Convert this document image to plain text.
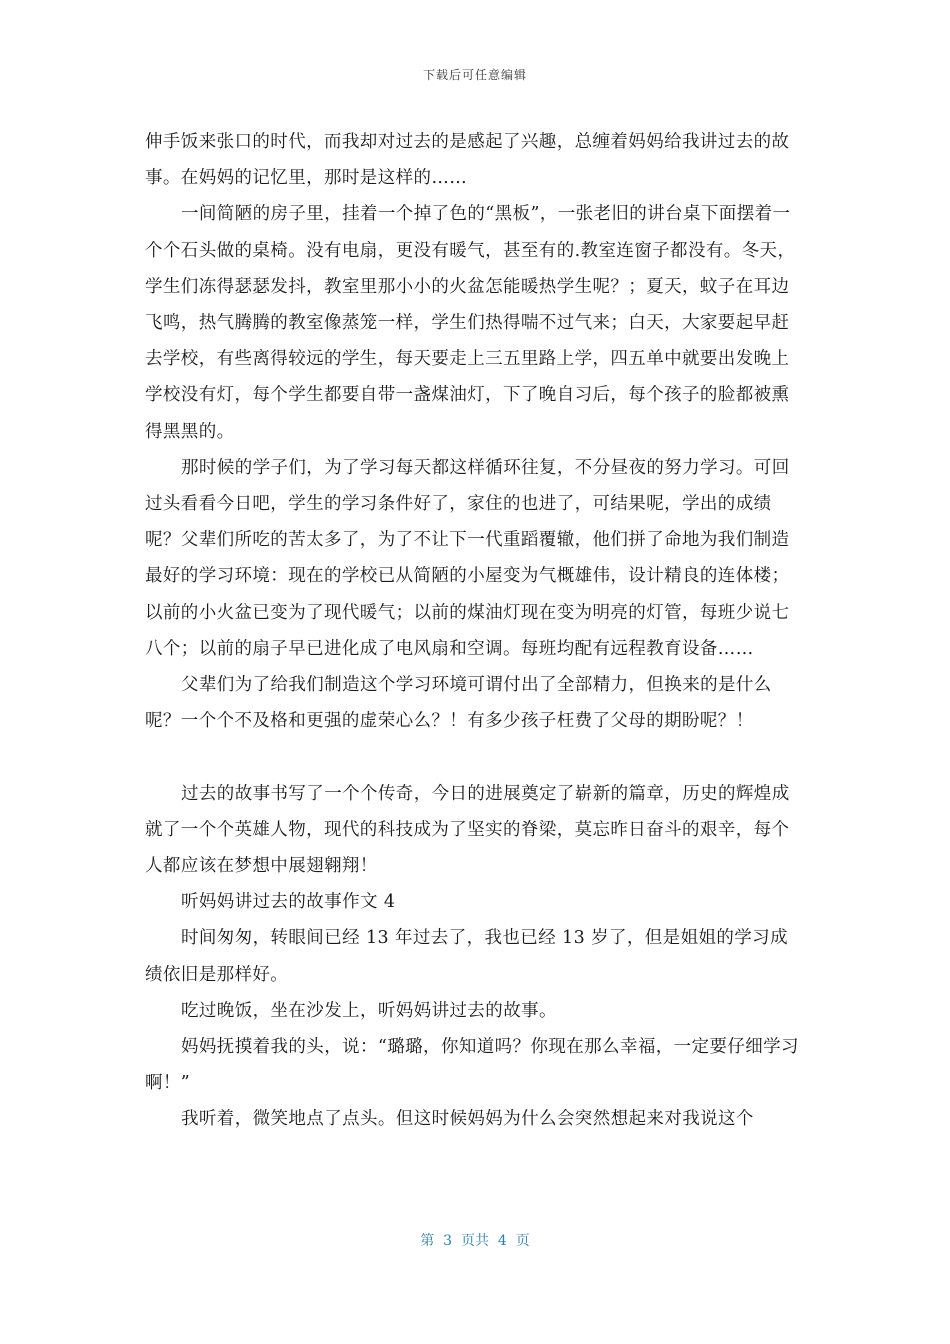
下载后可任意编辑

伸手饭来张口的时代，而我却对过去的是感起了兴趣，总缠着妈妈给我讲过去的故事。在妈妈的记忆里，那时是这样的……

一间简陋的房子里，挂着一个掉了色的“黑板”，一张老旧的讲台桌下面摆着一个个石头做的桌椅。没有电扇，更没有暖气，甚至有的.教室连窗子都没有。冬天，学生们冻得瑟瑟发抖，教室里那小小的火盆怎能暖热学生呢？；夏天，蚊子在耳边飞鸣，热气腾腾的教室像蒸笼一样，学生们热得喘不过气来；白天，大家要起早赶去学校，有些离得较远的学生，每天要走上三五里路上学，四五单中就要出发晚上学校没有灯，每个学生都要自带一盏煤油灯，下了晚自习后，每个孩子的脸都被熏得黑黑的。

那时候的学子们，为了学习每天都这样循环往复，不分昼夜的努力学习。可回过头看看今日吧，学生的学习条件好了，家住的也进了，可结果呢，学出的成绩呢？父辈们所吃的苦太多了，为了不让下一代重蹈覆辙，他们拼了命地为我们制造最好的学习环境：现在的学校已从简陋的小屋变为气概雄伟，设计精良的连体楼；以前的小火盆已变为了现代暖气；以前的煤油灯现在变为明亮的灯管，每班少说七八个；以前的扇子早已进化成了电风扇和空调。每班均配有远程教育设备……

父辈们为了给我们制造这个学习环境可谓付出了全部精力，但换来的是什么呢？一个个不及格和更强的虚荣心么？！有多少孩子枉费了父母的期盼呢？！

过去的故事书写了一个个传奇，今日的进展奠定了崭新的篇章，历史的辉煌成就了一个个英雄人物，现代的科技成为了坚实的脊梁，莫忘昨日奋斗的艰辛，每个人都应该在梦想中展翅翱翔！

听妈妈讲过去的故事作文 4

时间匆匆，转眼间已经 13 年过去了，我也已经 13 岁了，但是姐姐的学习成绩依旧是那样好。

吃过晚饭，坐在沙发上，听妈妈讲过去的故事。

妈妈抚摸着我的头，说：“璐璐，你知道吗？你现在那么幸福，一定要仔细学习啊！”

我听着，微笑地点了点头。但这时候妈妈为什么会突然想起来对我说这个

第  3  页共  4  页
